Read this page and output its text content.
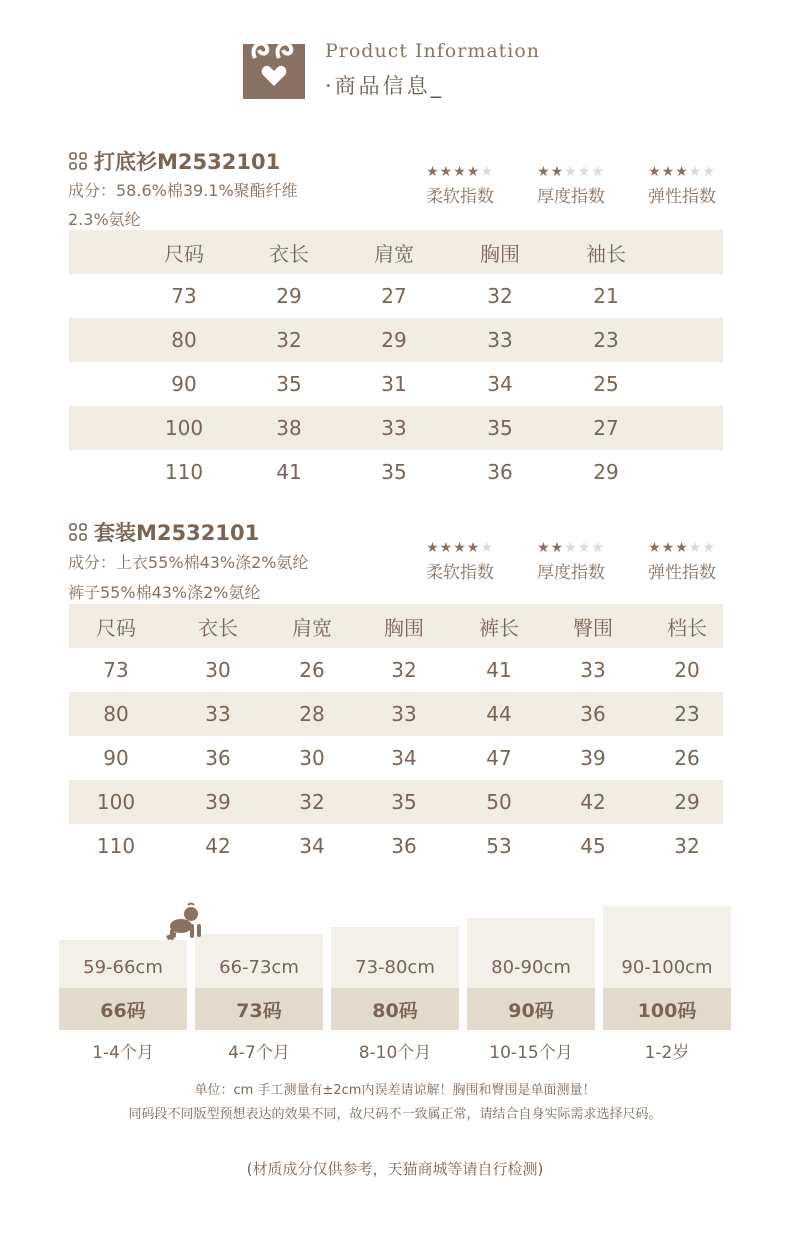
Product Information
·商品信息_
打底衫M2532101
成分：58.6%棉39.1%聚酯纤维
2.3%氨纶
★★★★★
柔软指数
★★★★★
厚度指数
★★★★★
弹性指数
尺码	衣长	肩宽	胸围	袖长
73	29	27	32	21
80	32	29	33	23
90	35	31	34	25
100	38	33	35	27
110	41	35	36	29
套装M2532101
成分：上衣55%棉43%涤2%氨纶
裤子55%棉43%涤2%氨纶
★★★★★
柔软指数
★★★★★
厚度指数
★★★★★
弹性指数
尺码	衣长	肩宽	胸围	裤长	臀围	档长
73	30	26	32	41	33	20
80	33	28	33	44	36	23
90	36	30	34	47	39	26
100	39	32	35	50	42	29
110	42	34	36	53	45	32
59-66cm
66码
1-4个月
66-73cm
73码
4-7个月
73-80cm
80码
8-10个月
80-90cm
90码
10-15个月
90-100cm
100码
1-2岁
单位：cm 手工测量有±2cm内误差请谅解！胸围和臀围是单面测量！
同码段不同版型预想表达的效果不同，故尺码不一致属正常，请结合自身实际需求选择尺码。
(材质成分仅供参考，天猫商城等请自行检测)
